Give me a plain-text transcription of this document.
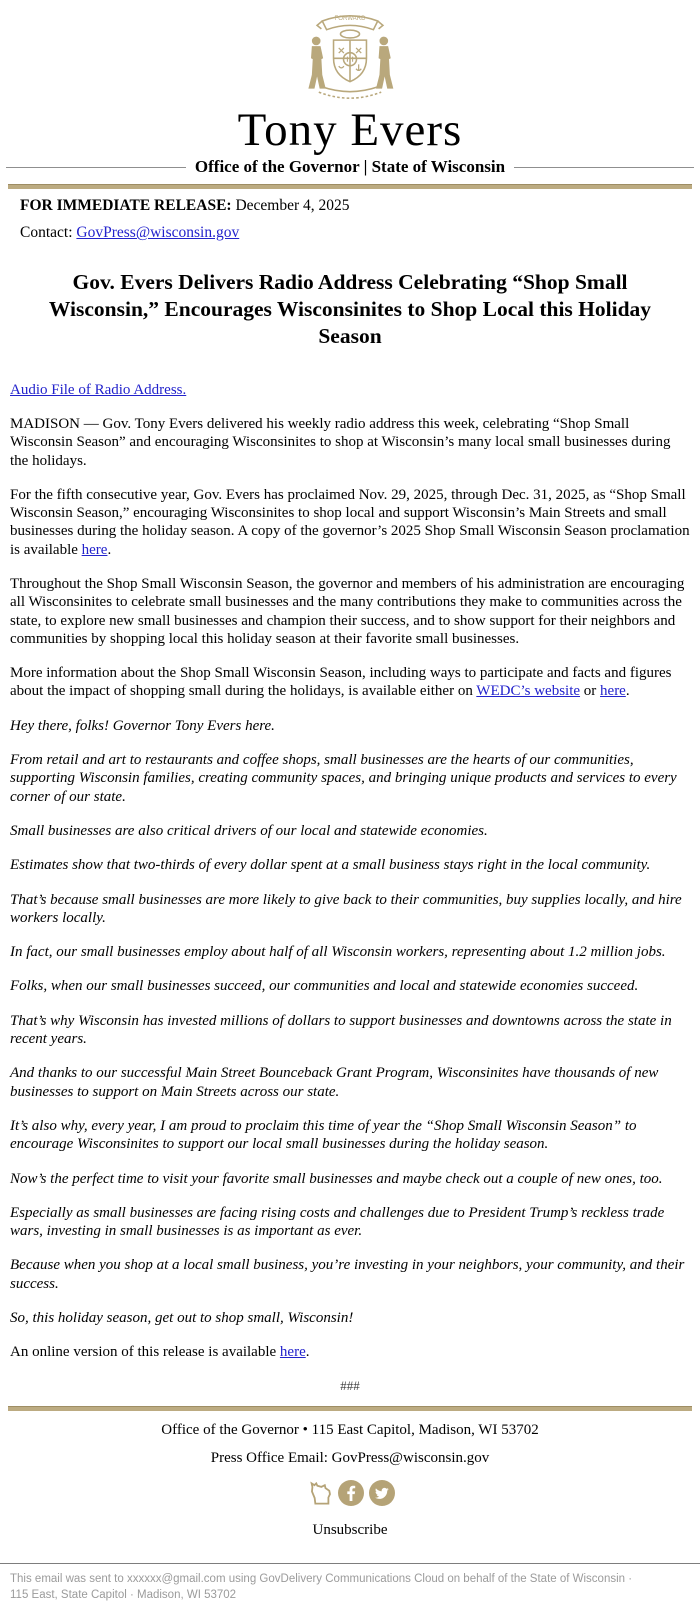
FORWARD
Tony Evers
Office of the Governor | State of Wisconsin

FOR IMMEDIATE RELEASE: December 4, 2025

Contact: GovPress@wisconsin.gov

Gov. Evers Delivers Radio Address Celebrating “Shop Small Wisconsin,” Encourages Wisconsinites to Shop Local this Holiday Season

Audio File of Radio Address.

MADISON — Gov. Tony Evers delivered his weekly radio address this week, celebrating “Shop Small Wisconsin Season” and encouraging Wisconsinites to shop at Wisconsin’s many local small businesses during the holidays.

For the fifth consecutive year, Gov. Evers has proclaimed Nov. 29, 2025, through Dec. 31, 2025, as “Shop Small Wisconsin Season,” encouraging Wisconsinites to shop local and support Wisconsin’s Main Streets and small businesses during the holiday season. A copy of the governor’s 2025 Shop Small Wisconsin Season proclamation is available here.

Throughout the Shop Small Wisconsin Season, the governor and members of his administration are encouraging all Wisconsinites to celebrate small businesses and the many contributions they make to communities across the state, to explore new small businesses and champion their success, and to show support for their neighbors and communities by shopping local this holiday season at their favorite small businesses.

More information about the Shop Small Wisconsin Season, including ways to participate and facts and figures about the impact of shopping small during the holidays, is available either on WEDC’s website or here.

Hey there, folks! Governor Tony Evers here.

From retail and art to restaurants and coffee shops, small businesses are the hearts of our communities, supporting Wisconsin families, creating community spaces, and bringing unique products and services to every corner of our state.

Small businesses are also critical drivers of our local and statewide economies.

Estimates show that two-thirds of every dollar spent at a small business stays right in the local community.

That’s because small businesses are more likely to give back to their communities, buy supplies locally, and hire workers locally.

In fact, our small businesses employ about half of all Wisconsin workers, representing about 1.2 million jobs.

Folks, when our small businesses succeed, our communities and local and statewide economies succeed.

That’s why Wisconsin has invested millions of dollars to support businesses and downtowns across the state in recent years.

And thanks to our successful Main Street Bounceback Grant Program, Wisconsinites have thousands of new businesses to support on Main Streets across our state.

It’s also why, every year, I am proud to proclaim this time of year the “Shop Small Wisconsin Season” to encourage Wisconsinites to support our local small businesses during the holiday season.

Now’s the perfect time to visit your favorite small businesses and maybe check out a couple of new ones, too.

Especially as small businesses are facing rising costs and challenges due to President Trump’s reckless trade wars, investing in small businesses is as important as ever.

Because when you shop at a local small business, you’re investing in your neighbors, your community, and their success.

So, this holiday season, get out to shop small, Wisconsin!

An online version of this release is available here.

###

Office of the Governor • 115 East Capitol, Madison, WI 53702

Press Office Email: GovPress@wisconsin.gov

Unsubscribe

This email was sent to xxxxxx@gmail.com using GovDelivery Communications Cloud on behalf of the State of Wisconsin · 115 East, State Capitol · Madison, WI 53702
